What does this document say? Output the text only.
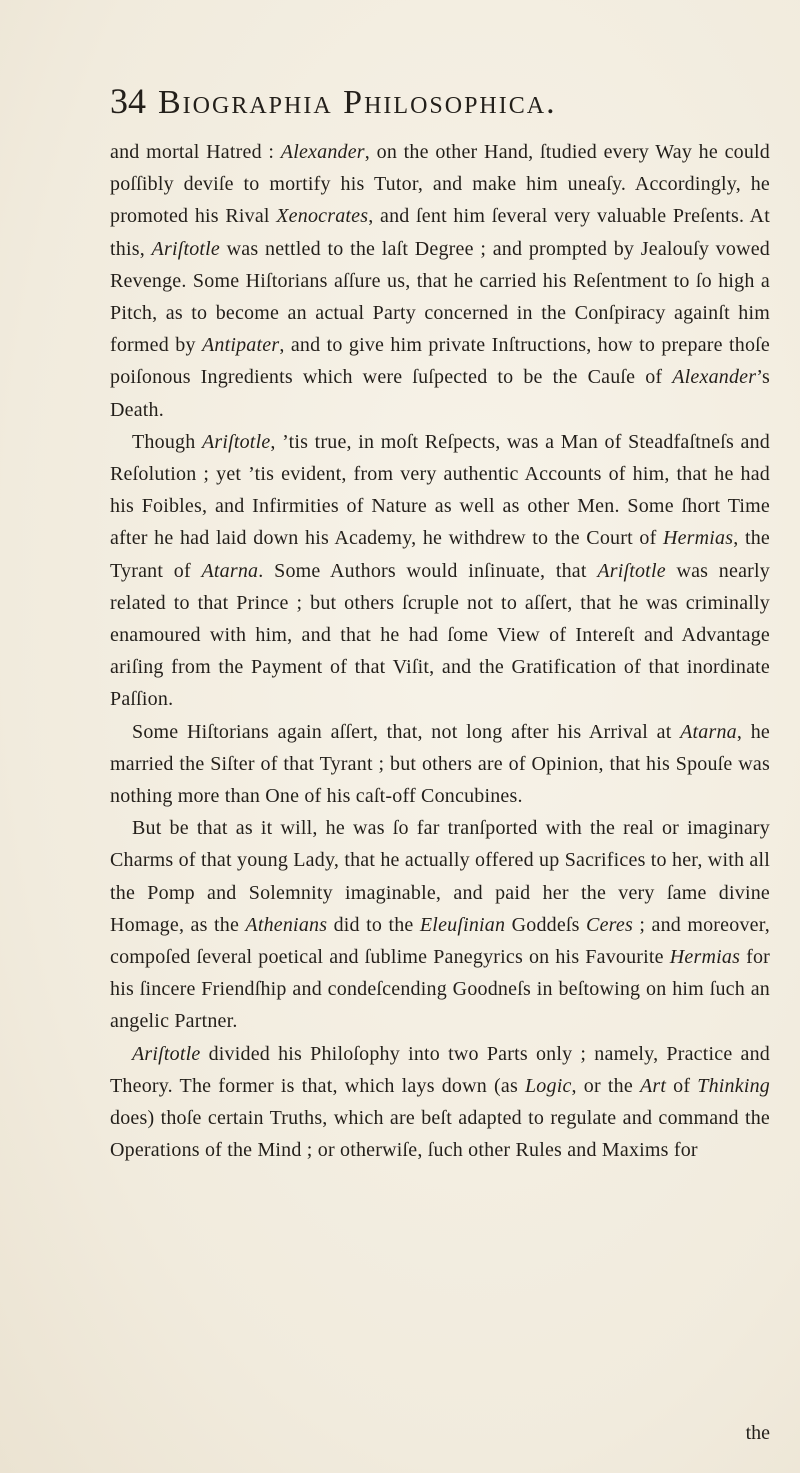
34 Biographia Philosophica.

and mortal Hatred : Alexander, on the other Hand, ſtudied every Way he could poſſibly deviſe to mortify his Tutor, and make him uneaſy. Accordingly, he promoted his Rival Xenocrates, and ſent him ſeveral very valuable Preſents. At this, Ariſtotle was nettled to the laſt Degree ; and prompted by Jealouſy vowed Revenge. Some Hiſtorians aſſure us, that he carried his Reſentment to ſo high a Pitch, as to become an actual Party concerned in the Conſpiracy againſt him formed by Antipater, and to give him private Inſtructions, how to prepare thoſe poiſonous Ingredients which were ſuſpected to be the Cauſe of Alexander’s Death.

Though Ariſtotle, ’tis true, in moſt Reſpects, was a Man of Steadfaſtneſs and Reſolution ; yet ’tis evident, from very authentic Accounts of him, that he had his Foibles, and Infirmities of Nature as well as other Men. Some ſhort Time after he had laid down his Academy, he withdrew to the Court of Hermias, the Tyrant of Atarna. Some Authors would inſinuate, that Ariſtotle was nearly related to that Prince ; but others ſcruple not to aſſert, that he was criminally enamoured with him, and that he had ſome View of Intereſt and Advantage ariſing from the Payment of that Viſit, and the Gratification of that inordinate Paſſion.

Some Hiſtorians again aſſert, that, not long after his Arrival at Atarna, he married the Siſter of that Tyrant ; but others are of Opinion, that his Spouſe was nothing more than One of his caſt-off Concubines.

But be that as it will, he was ſo far tranſported with the real or imaginary Charms of that young Lady, that he actually offered up Sacrifices to her, with all the Pomp and Solemnity imaginable, and paid her the very ſame divine Homage, as the Athenians did to the Eleuſinian Goddeſs Ceres ; and moreover, compoſed ſeveral poetical and ſublime Panegyrics on his Favourite Hermias for his ſincere Friendſhip and condeſcending Goodneſs in beſtowing on him ſuch an angelic Partner.

Ariſtotle divided his Philoſophy into two Parts only ; namely, Practice and Theory. The former is that, which lays down (as Logic, or the Art of Thinking does) thoſe certain Truths, which are beſt adapted to regulate and command the Operations of the Mind ; or otherwiſe, ſuch other Rules and Maxims for

the
